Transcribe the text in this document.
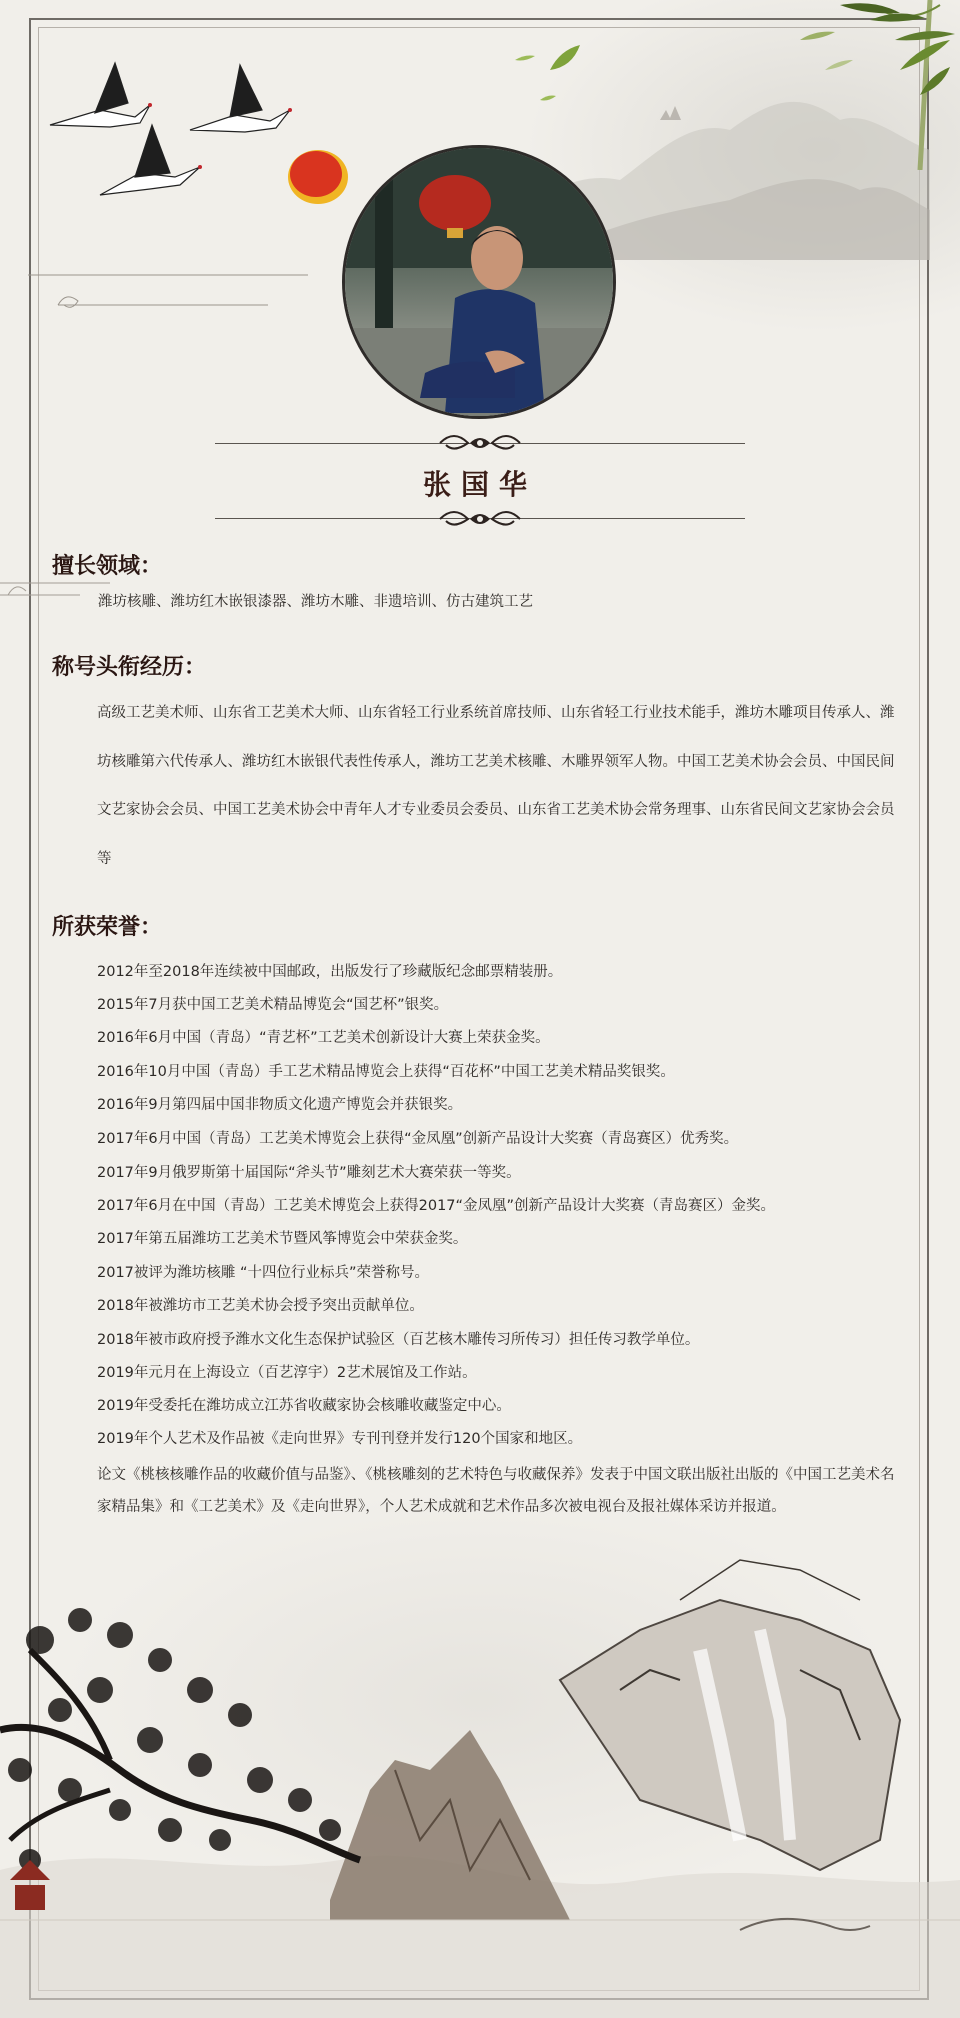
张国华
擅长领域：
潍坊核雕、潍坊红木嵌银漆器、潍坊木雕、非遗培训、仿古建筑工艺
称号头衔经历：
高级工艺美术师、山东省工艺美术大师、山东省轻工行业系统首席技师、山东省轻工行业技术能手，潍坊木雕项目传承人、潍坊核雕第六代传承人、潍坊红木嵌银代表性传承人，潍坊工艺美术核雕、木雕界领军人物。中国工艺美术协会会员、中国民间文艺家协会会员、中国工艺美术协会中青年人才专业委员会委员、山东省工艺美术协会常务理事、山东省民间文艺家协会会员等
所获荣誉：
2012年至2018年连续被中国邮政，出版发行了珍藏版纪念邮票精装册。
2015年7月获中国工艺美术精品博览会“国艺杯”银奖。
2016年6月中国（青岛）“青艺杯”工艺美术创新设计大赛上荣获金奖。
2016年10月中国（青岛）手工艺术精品博览会上获得“百花杯”中国工艺美术精品奖银奖。
2016年9月第四届中国非物质文化遗产博览会并获银奖。
2017年6月中国（青岛）工艺美术博览会上获得“金凤凰”创新产品设计大奖赛（青岛赛区）优秀奖。
2017年9月俄罗斯第十届国际“斧头节”雕刻艺术大赛荣获一等奖。
2017年6月在中国（青岛）工艺美术博览会上获得2017“金凤凰”创新产品设计大奖赛（青岛赛区）金奖。
2017年第五届潍坊工艺美术节暨风筝博览会中荣获金奖。
2017被评为潍坊核雕 “十四位行业标兵”荣誉称号。
2018年被潍坊市工艺美术协会授予突出贡献单位。
2018年被市政府授予潍水文化生态保护试验区（百艺核木雕传习所传习）担任传习教学单位。
2019年元月在上海设立（百艺淳宇）2艺术展馆及工作站。
2019年受委托在潍坊成立江苏省收藏家协会核雕收藏鉴定中心。
2019年个人艺术及作品被《走向世界》专刊刊登并发行120个国家和地区。
论文《桃核核雕作品的收藏价值与品鉴》、《桃核雕刻的艺术特色与收藏保养》发表于中国文联出版社出版的《中国工艺美术名家精品集》和《工艺美术》及《走向世界》，个人艺术成就和艺术作品多次被电视台及报社媒体采访并报道。
